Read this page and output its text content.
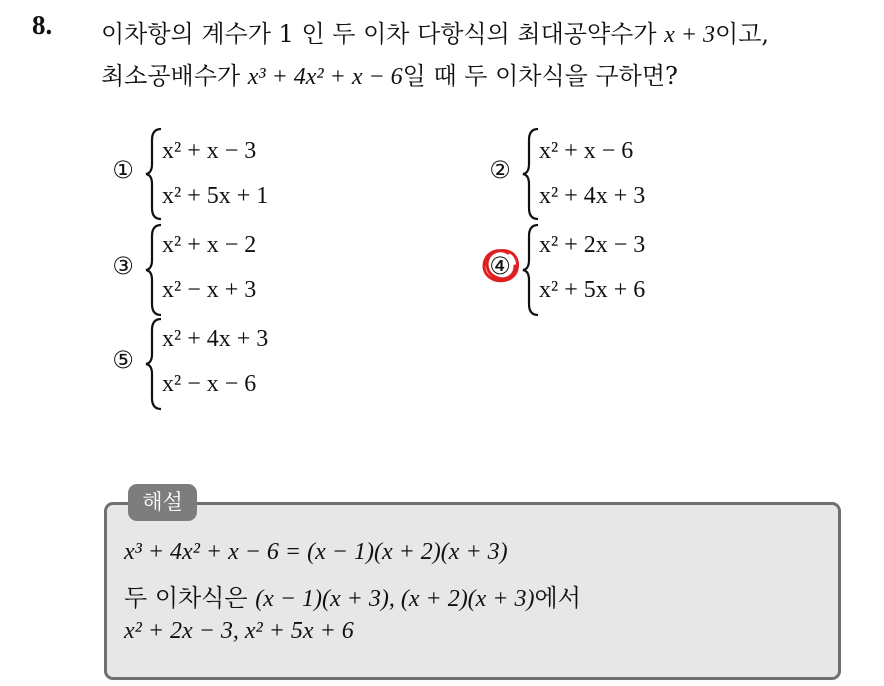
8. 이차항의 계수가 1 인 두 이차 다항식의 최대공약수가 x + 3이고,
최소공배수가 x³ + 4x² + x − 6일 때 두 이차식을 구하면?
①
x² + x − 3
x² + 5x + 1
②
x² + x − 6
x² + 4x + 3
③
x² + x − 2
x² − x + 3
④
x² + 2x − 3
x² + 5x + 6
⑤
x² + 4x + 3
x² − x − 6
해설
x³ + 4x² + x − 6 = (x − 1)(x + 2)(x + 3)
두 이차식은 (x − 1)(x + 3), (x + 2)(x + 3)에서
x² + 2x − 3, x² + 5x + 6
